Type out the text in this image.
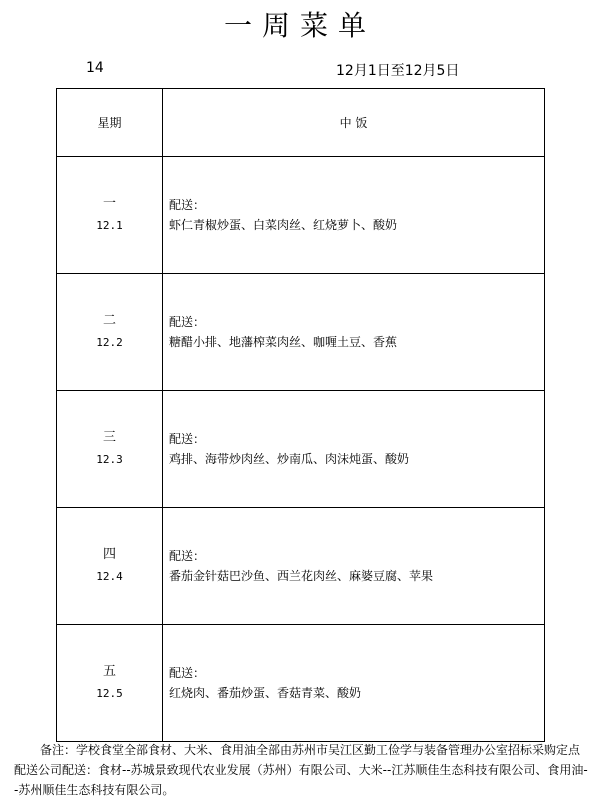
一周菜单
14	12月1日至12月5日
星期	中 饭

一
12.1	配送：
虾仁青椒炒蛋、白菜肉丝、红烧萝卜、酸奶

二
12.2	配送：
糖醋小排、地藩榨菜肉丝、咖喱土豆、香蕉

三
12.3	配送：
鸡排、海带炒肉丝、炒南瓜、肉沫炖蛋、酸奶

四
12.4	配送：
番茄金针菇巴沙鱼、西兰花肉丝、麻婆豆腐、苹果

五
12.5	配送：
红烧肉、番茄炒蛋、香菇青菜、酸奶
备注：学校食堂全部食材、大米、食用油全部由苏州市吴江区勤工俭学与装备管理办公室招标采购定点配送公司配送：食材--苏城景致现代农业发展（苏州）有限公司、大米--江苏顺佳生态科技有限公司、食用油--苏州顺佳生态科技有限公司。
